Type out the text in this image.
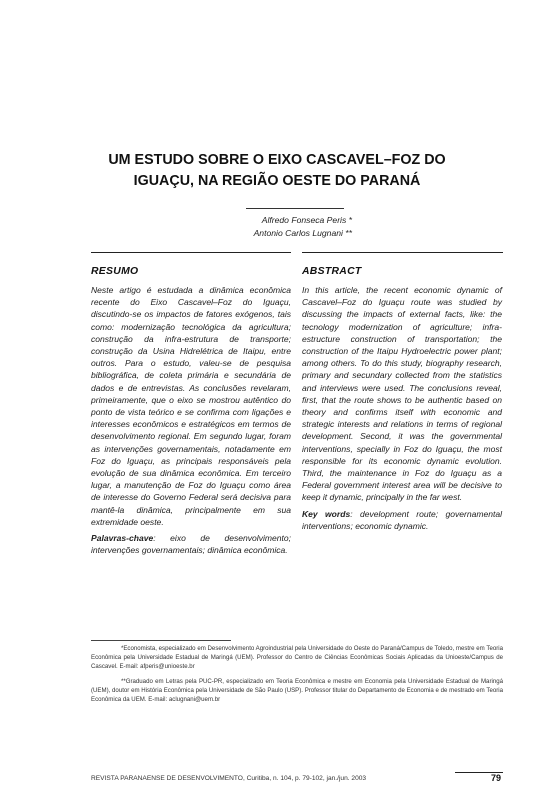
UM ESTUDO SOBRE O EIXO CASCAVEL–FOZ DO
IGUAÇU, NA REGIÃO OESTE DO PARANÁ
Alfredo Fonseca Peris *
Antonio Carlos Lugnani **
RESUMO

Neste artigo é estudada a dinâmica econômica recente do Eixo Cascavel–Foz do Iguaçu, discutindo-se os impactos de fatores exógenos, tais como: modernização tecnológica da agricultura; construção da infra-estrutura de transporte; construção da Usina Hidrelétrica de Itaipu, entre outros. Para o estudo, valeu-se de pesquisa bibliográfica, de coleta primária e secundária de dados e de entrevistas. As conclusões revelaram, primeiramente, que o eixo se mostrou autêntico do ponto de vista teórico e se confirma com ligações e interesses econômicos e estratégicos em termos de desenvolvimento regional. Em segundo lugar, foram as intervenções governamentais, notadamente em Foz do Iguaçu, as principais responsáveis pela evolução de sua dinâmica econômica. Em terceiro lugar, a manutenção de Foz do Iguaçu como área de interesse do Governo Federal será decisiva para mantê-la dinâmica, principalmente em sua extremidade oeste.

Palavras-chave: eixo de desenvolvimento; intervenções governamentais; dinâmica econômica.

ABSTRACT

In this article, the recent economic dynamic of Cascavel–Foz do Iguaçu route was studied by discussing the impacts of external facts, like: the tecnology modernization of agriculture; infra-estructure construction of transportation; the construction of the Itaipu Hydroelectric power plant; among others. To do this study, biography research, primary and secundary collected from the statistics and interviews were used. The conclusions reveal, first, that the route shows to be authentic based on theory and confirms itself with economic and strategic interests and relations in terms of regional development. Second, it was the governmental interventions, specially in Foz do Iguaçu, the most responsible for its economic dynamic evolution. Third, the maintenance in Foz do Iguaçu as a Federal government interest area will be decisive to keep it dynamic, principally in the far west.

Key words: development route; governamental interventions; economic dynamic.

*Economista, especializado em Desenvolvimento Agroindustrial pela Universidade do Oeste do Paraná/Campus de Toledo, mestre em Teoria Econômica pela Universidade Estadual de Maringá (UEM). Professor do Centro de Ciências Econômicas Sociais Aplicadas da Unioeste/Campus de Cascavel. E-mail: afperis@unioeste.br

**Graduado em Letras pela PUC-PR, especializado em Teoria Econômica e mestre em Economia pela Universidade Estadual de Maringá (UEM), doutor em História Econômica pela Universidade de São Paulo (USP). Professor titular do Departamento de Economia e de mestrado em Teoria Econômica da UEM. E-mail: aclugnani@uem.br

REVISTA PARANAENSE DE DESENVOLVIMENTO, Curitiba, n. 104, p. 79-102, jan./jun. 2003	79
